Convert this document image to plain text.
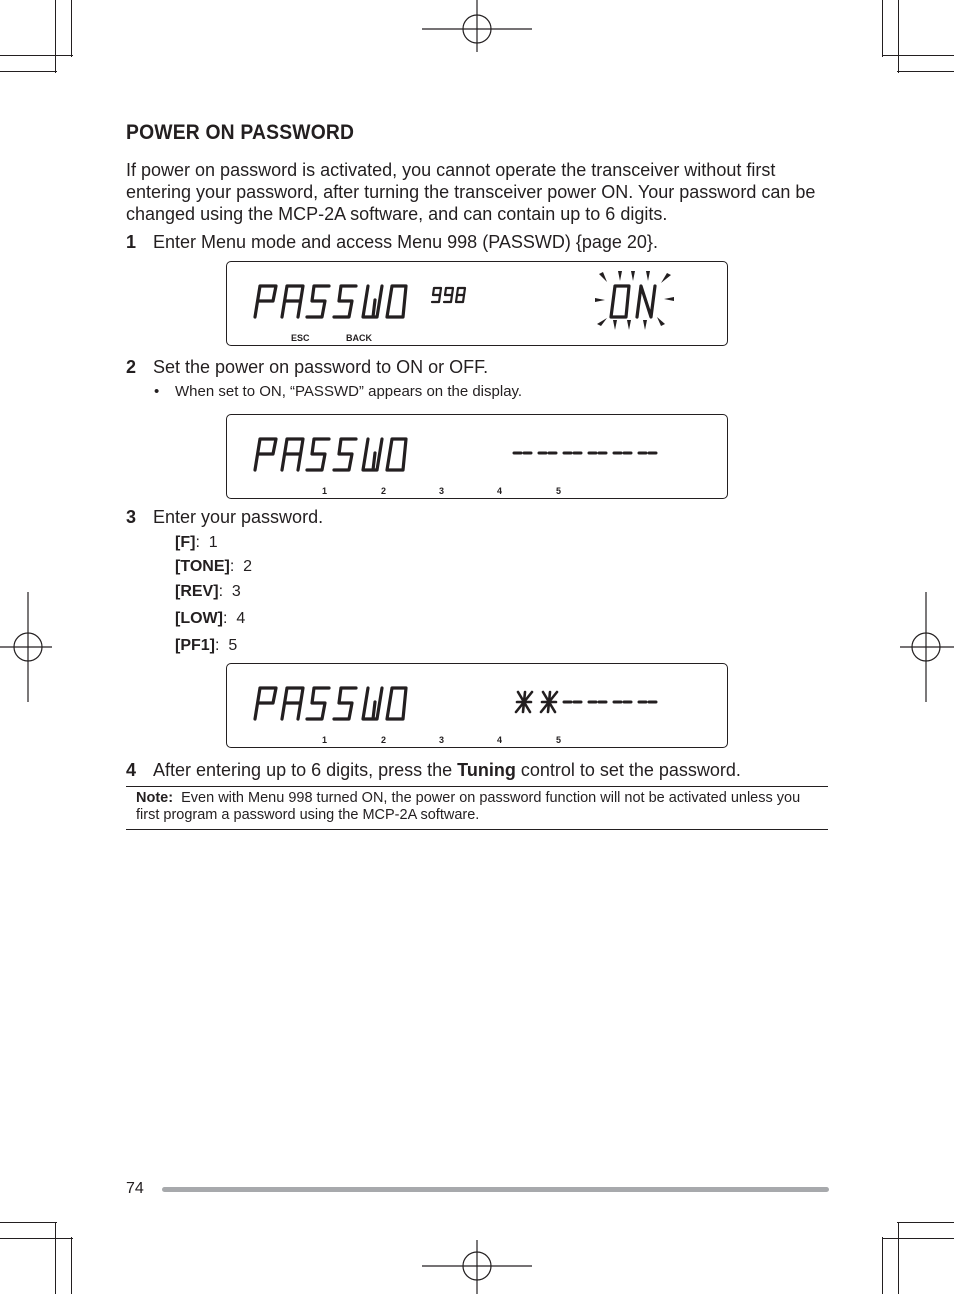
POWER ON PASSWORD

If power on password is activated, you cannot operate the transceiver without first entering your password, after turning the transceiver power ON. Your password can be changed using the MCP-2A software, and can contain up to 6 digits.

1 Enter Menu mode and access Menu 998 (PASSWD) {page 20}.
ESC	BACK
2 Set the power on password to ON or OFF.
• When set to ON, “PASSWD” appears on the display.
1	2	3	4	5
3 Enter your password.
[F]:  1
[TONE]:  2
[REV]:  3
[LOW]:  4
[PF1]:  5
1	2	3	4	5
4 After entering up to 6 digits, press the Tuning control to set the password.
Note: Even with Menu 998 turned ON, the power on password function will not be activated unless you first program a password using the MCP-2A software.
74
